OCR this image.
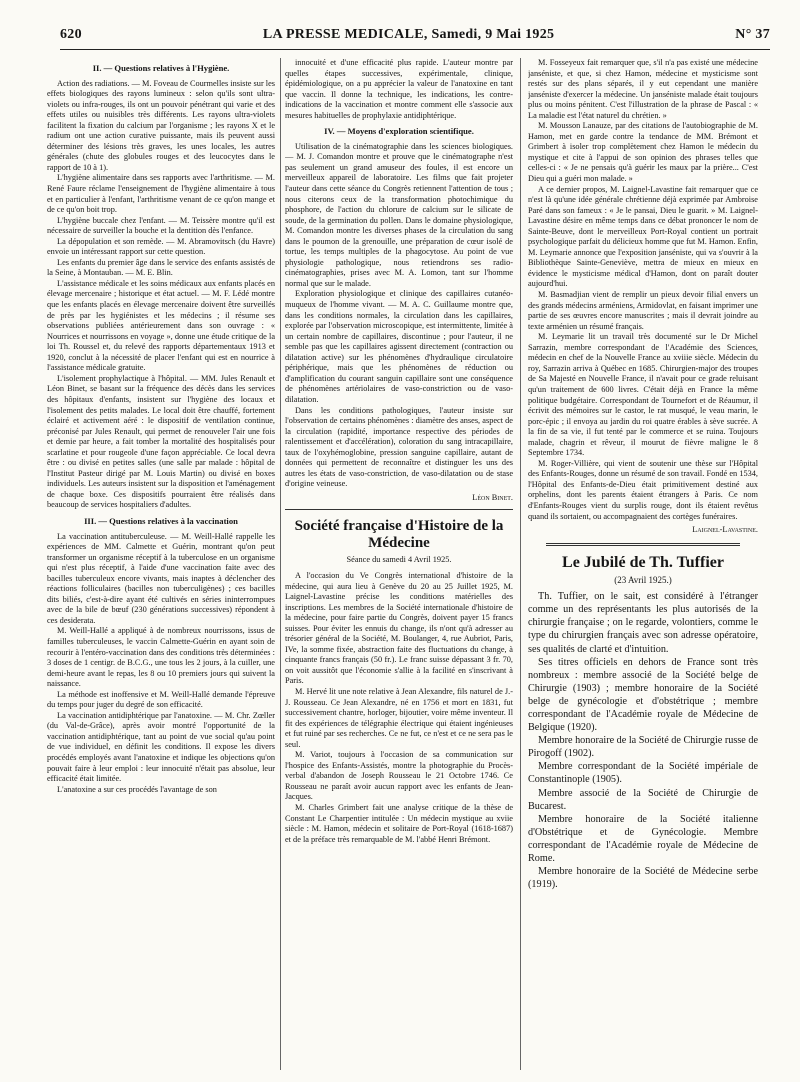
620	LA PRESSE MEDICALE, Samedi, 9 Mai 1925	N° 37
II. — Questions relatives à l'Hygiène.

Action des radiations. — M. Foveau de Courmelles insiste sur les effets biologiques des rayons lumineux : selon qu'ils sont ultra-violets ou infra-rouges, ils ont un pouvoir pénétrant qui varie et des effets utiles ou nuisibles très différents. Les rayons ultra-violets facilitent la fixation du calcium par l'organisme ; les rayons X et le radium ont une action curative puissante, mais ils peuvent aussi déterminer des lésions très graves, les unes locales, les autres générales (chute des globules rouges et des leucocytes dans le rapport de 10 à 1).

L'hygiène alimentaire dans ses rapports avec l'arthritisme. — M. René Faure réclame l'enseignement de l'hygiène alimentaire à tous et en particulier à l'enfant, l'arthritisme venant de ce qu'on mange et de ce qu'on boit trop.

L'hygiène buccale chez l'enfant. — M. Teissère montre qu'il est nécessaire de surveiller la bouche et la dentition dès l'enfance.

La dépopulation et son remède. — M. Abramovitsch (du Havre) envoie un intéressant rapport sur cette question.

Les enfants du premier âge dans le service des enfants assistés de la Seine, à Montauban. — M. E. Blin.

L'assistance médicale et les soins médicaux aux enfants placés en élevage mercenaire ; historique et état actuel. — M. F. Lédé montre que les enfants placés en élevage mercenaire doivent être surveillés de près par les hygiénistes et les médecins ; il résume ses observations publiées antérieurement dans son ouvrage : « Nourrices et nourrissons en voyage », donne une étude critique de la loi Th. Roussel et, du relevé des rapports départementaux 1913 et 1920, conclut à la nécessité de placer l'enfant qui est en nourrice à l'assistance médicale gratuite.

L'isolement prophylactique à l'hôpital. — MM. Jules Renault et Léon Binet, se basant sur la fréquence des décès dans les services des hôpitaux d'enfants, insistent sur l'hygiène des locaux et l'isolement des petits malades. Le local doit être chauffé, fortement éclairé et activement aéré : le dispositif de ventilation continue, préconisé par Jules Renault, qui permet de renouveler l'air une fois et demie par heure, a fait tomber la mortalité des hospitalisés pour scarlatine et pour rougeole d'une façon appréciable. Ce local devra être : ou divisé en petites salles (une salle par malade : hôpital de l'Institut Pasteur dirigé par M. Louis Martin) ou divisé en boxes individuels. Les auteurs insistent sur la disposition et l'aménagement de chaque boxe. Ces dispositifs pourraient être réalisés dans beaucoup de services hospitaliers d'adultes.

III. — Questions relatives à la vaccination

La vaccination antituberculeuse. — M. Weill-Hallé rappelle les expériences de MM. Calmette et Guérin, montrant qu'on peut transformer un organisme réceptif à la tuberculose en un organisme qui n'est plus réceptif, à l'aide d'une vaccination faite avec des bacilles tuberculeux encore vivants, mais inaptes à déclencher des réactions folliculaires (bacilles non tuberculigènes) ; ces bacilles dits biliés, c'est-à-dire ayant été cultivés en séries ininterrompues avec de la bile de bœuf (230 générations successives) répondent à ces desiderata.

M. Weill-Hallé a appliqué à de nombreux nourrissons, issus de familles tuberculeuses, le vaccin Calmette-Guérin en ayant soin de recourir à l'entéro-vaccination dans des conditions très déterminées : 3 doses de 1 centigr. de B.C.G., une tous les 2 jours, à la cuiller, une demi-heure avant le repas, les 8 ou 10 premiers jours qui suivent la naissance.

La méthode est inoffensive et M. Weill-Hallé demande l'épreuve du temps pour juger du degré de son efficacité.

La vaccination antidiphtérique par l'anatoxine. — M. Chr. Zœller (du Val-de-Grâce), après avoir montré l'opportunité de la vaccination antidiphtérique, tant au point de vue social qu'au point de vue individuel, en définit les conditions. Il expose les divers procédés employés avant l'anatoxine et indique les objections qu'on pouvait faire à leur emploi : leur innocuité n'était pas absolue, leur efficacité était limitée.

L'anatoxine a sur ces procédés l'avantage de son

innocuité et d'une efficacité plus rapide. L'auteur montre par quelles étapes successives, expérimentale, clinique, épidémiologique, on a pu apprécier la valeur de l'anatoxine en tant que vaccin. Il donne la technique, les indications, les contre-indications de la vaccination et montre comment elle s'associe aux mesures habituelles de prophylaxie antidiphtérique.

IV. — Moyens d'exploration scientifique.

Utilisation de la cinématographie dans les sciences biologiques. — M. J. Comandon montre et prouve que le cinématographe n'est pas seulement un grand amuseur des foules, il est encore un merveilleux appareil de laboratoire. Les films que fait projeter l'auteur dans cette séance du Congrès retiennent l'attention de tous ; nous citerons ceux de la transformation photochimique du phosphore, de l'action du chlorure de calcium sur le silicate de soude, de la germination du pollen. Dans le domaine physiologique, M. Comandon montre les diverses phases de la circulation du sang dans le poumon de la grenouille, une préparation de cœur isolé de tortue, les temps multiples de la phagocytose. Au point de vue physiologie pathologique, nous retiendrons ses radio-cinématographies, prises avec M. A. Lomon, tant sur l'homme normal que sur le malade.

Exploration physiologique et clinique des capillaires cutanéo-muqueux de l'homme vivant. — M. A. C. Guillaume montre que, dans les conditions normales, la circulation dans les capillaires, explorée par l'observation microscopique, est intermittente, limitée à un certain nombre de capillaires, discontinue ; pour l'auteur, il ne semble pas que les capillaires agissent directement (contraction ou dilatation active) sur les phénomènes d'hydraulique circulatoire périphérique, mais que les phénomènes de réduction ou d'amplification du courant sanguin capillaire sont une conséquence de phénomènes artériolaires de vaso-constriction ou de vaso-dilatation.

Dans les conditions pathologiques, l'auteur insiste sur l'observation de certains phénomènes : diamètre des anses, aspect de la circulation (rapidité, importance respective des périodes de ralentissement et d'accélération), coloration du sang intracapillaire, taux de l'oxyhémoglobine, pression sanguine capillaire, autant de données qui permettent de reconnaître et distinguer les uns des autres les états de vaso-constriction, de vaso-dilatation ou de stase d'origine veineuse.

Léon Binet.
Société française d'Histoire de la Médecine
Séance du samedi 4 Avril 1925.

A l'occasion du Ve Congrès international d'histoire de la médecine, qui aura lieu à Genève du 20 au 25 Juillet 1925, M. Laignel-Lavastine précise les conditions matérielles des inscriptions. Les membres de la Société internationale d'histoire de la médecine, pour faire partie du Congrès, doivent payer 15 francs suisses. Pour éviter les ennuis du change, ils n'ont qu'à adresser au trésorier général de la Société, M. Boulanger, 4, rue Aubriot, Paris, IVe, la somme fixée, abstraction faite des fluctuations du change, à cinquante francs français (50 fr.). Le franc suisse dépassant 3 fr. 70, on voit aussitôt que l'économie s'allie à la facilité en s'inscrivant à Paris.

M. Hervé lit une note relative à Jean Alexandre, fils naturel de J.-J. Rousseau. Ce Jean Alexandre, né en 1756 et mort en 1831, fut successivement chantre, horloger, bijoutier, voire même inventeur. Il fit des expériences de télégraphie électrique qui étaient ingénieuses et fut ruiné par ses recherches. Ce ne fut, ce n'est et ce ne sera pas le seul.

M. Variot, toujours à l'occasion de sa communication sur l'hospice des Enfants-Assistés, montre la photographie du Procès-verbal d'abandon de Joseph Rousseau le 21 Octobre 1746. Ce Rousseau ne paraît avoir aucun rapport avec les enfants de Jean-Jacques.

M. Charles Grimbert fait une analyse critique de la thèse de Constant Le Charpentier intitulée : Un médecin mystique au xviie siècle : M. Hamon, médecin et solitaire de Port-Royal (1618-1687) et de la préface très remarquable de M. l'abbé Henri Brémont.

M. Fosseyeux fait remarquer que, s'il n'a pas existé une médecine janséniste, et que, si chez Hamon, médecine et mysticisme sont restés sur des plans séparés, il y eut cependant une manière janséniste d'exercer la médecine. Un janséniste malade était toujours plus ou moins pénitent. C'est l'illustration de la phrase de Pascal : « La maladie est l'état naturel du chrétien. »

M. Mousson Lanauze, par des citations de l'autobiographie de M. Hamon, met en garde contre la tendance de MM. Brémont et Grimbert à isoler trop complètement chez Hamon le médecin du mystique et cite à l'appui de son opinion des phrases telles que celles-ci : « Je ne pensais qu'à guérir les maux par la prière... C'est Dieu qui a guéri mon malade. »

A ce dernier propos, M. Laignel-Lavastine fait remarquer que ce n'est là qu'une idée générale chrétienne déjà exprimée par Ambroise Paré dans son fameux : « Je le pansai, Dieu le guarit. » M. Laignel-Lavastine désire en même temps dans ce débat prononcer le nom de Sainte-Beuve, dont le merveilleux Port-Royal contient un portrait psychologique parfait du délicieux homme que fut M. Hamon. Enfin, M. Leymarie annonce que l'exposition janséniste, qui va s'ouvrir à la Bibliothèque Sainte-Geneviève, mettra de mieux en mieux en évidence le mysticisme médical d'Hamon, dont on paraît douter aujourd'hui.

M. Basmadjian vient de remplir un pieux devoir filial envers un des grands médecins arméniens, Armidovlat, en faisant imprimer une partie de ses œuvres encore manuscrites ; mais il devrait joindre au texte arménien un résumé français.

M. Leymarie lit un travail très documenté sur le Dr Michel Sarrazin, membre correspondant de l'Académie des Sciences, médecin en chef de la Nouvelle France au xviiie siècle. Médecin du roy, Sarrazin arriva à Québec en 1685. Chirurgien-major des troupes de Sa Majesté en Nouvelle France, il n'avait pour ce grade reluisant qu'un traitement de 600 livres. C'était déjà en France la même politique budgétaire. Correspondant de Tournefort et de Réaumur, il écrivit des mémoires sur le castor, le rat musqué, le veau marin, le porc-épic ; il envoya au jardin du roi quatre érables à sève sucrée. A la fin de sa vie, il fut tenté par le commerce et se ruina. Toujours malade, chagrin et rêveur, il mourut de fièvre maligne le 8 Septembre 1734.

M. Roger-Villière, qui vient de soutenir une thèse sur l'Hôpital des Enfants-Rouges, donne un résumé de son travail. Fondé en 1534, l'Hôpital des Enfants-de-Dieu était primitivement destiné aux orphelins, dont les parents étaient étrangers à Paris. Ce nom d'Enfants-Rouges vient du surplis rouge, dont ils étaient revêtus quand ils sortaient, ou accompagnaient des cortèges funéraires.

Laignel-Lavastine.
Le Jubilé de Th. Tuffier
(23 Avril 1925.)

Th. Tuffier, on le sait, est considéré à l'étranger comme un des représentants les plus autorisés de la chirurgie française ; on le regarde, volontiers, comme le type du chirurgien français avec son adresse opératoire, ses qualités de clarté et d'intuition.

Ses titres officiels en dehors de France sont très nombreux : membre associé de la Société belge de Chirurgie (1903) ; membre honoraire de la Société belge de gynécologie et d'obstétrique ; membre correspondant de l'Académie royale de Médecine de Belgique (1920).

Membre honoraire de la Société de Chirurgie russe de Pirogoff (1902).

Membre correspondant de la Société impériale de Constantinople (1905).

Membre associé de la Société de Chirurgie de Bucarest.

Membre honoraire de la Société italienne d'Obstétrique et de Gynécologie. Membre correspondant de l'Académie royale de Médecine de Rome.

Membre honoraire de la Société de Médecine serbe (1919).
